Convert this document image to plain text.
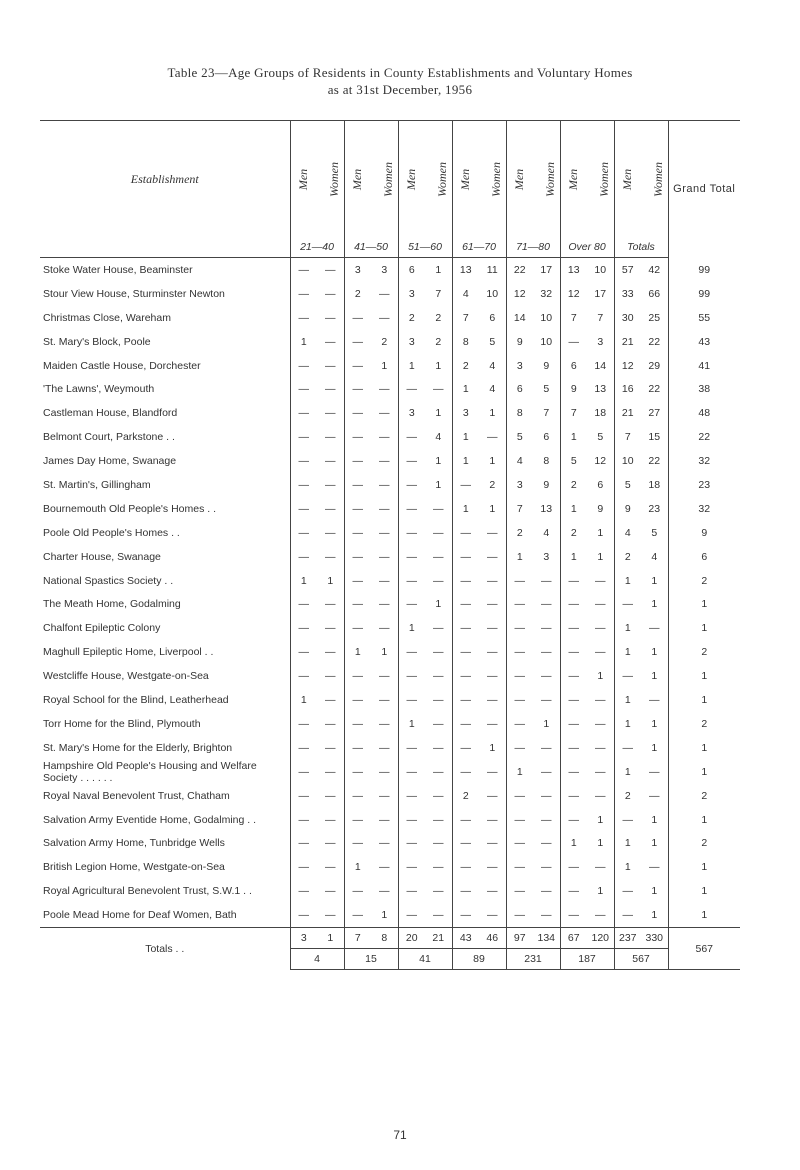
Table 23—Age Groups of Residents in County Establishments and Voluntary Homes
as at 31st December, 1956
Establishment	Men	Women	Men	Women	Men	Women	Men	Women	Men	Women	Men	Women	Men	Women	Grand Total
	21—40		41—50		51—60		61—70		71—80		Over 80		Totals		
Stoke Water House, Beaminster	—	—	3	3	6	1	13	11	22	17	13	10	57	42	99
Stour View House, Sturminster Newton	—	—	2	—	3	7	4	10	12	32	12	17	33	66	99
Christmas Close, Wareham	—	—	—	—	2	2	7	6	14	10	7	7	30	25	55
St. Mary's Block, Poole	1	—	—	2	3	2	8	5	9	10	—	3	21	22	43
Maiden Castle House, Dorchester	—	—	—	1	1	1	2	4	3	9	6	14	12	29	41
'The Lawns', Weymouth	—	—	—	—	—	—	1	4	6	5	9	13	16	22	38
Castleman House, Blandford	—	—	—	—	3	1	3	1	8	7	7	18	21	27	48
Belmont Court, Parkstone . .	—	—	—	—	—	4	1	—	5	6	1	5	7	15	22
James Day Home, Swanage	—	—	—	—	—	1	1	1	4	8	5	12	10	22	32
St. Martin's, Gillingham	—	—	—	—	—	1	—	2	3	9	2	6	5	18	23
Bournemouth Old People's Homes . .	—	—	—	—	—	—	1	1	7	13	1	9	9	23	32
Poole Old People's Homes . .	—	—	—	—	—	—	—	—	2	4	2	1	4	5	9
Charter House, Swanage	—	—	—	—	—	—	—	—	1	3	1	1	2	4	6
National Spastics Society . .	1	1	—	—	—	—	—	—	—	—	—	—	1	1	2
The Meath Home, Godalming	—	—	—	—	—	1	—	—	—	—	—	—	—	1	1
Chalfont Epileptic Colony	—	—	—	—	1	—	—	—	—	—	—	—	1	—	1
Maghull Epileptic Home, Liverpool . .	—	—	1	1	—	—	—	—	—	—	—	—	1	1	2
Westcliffe House, Westgate-on-Sea	—	—	—	—	—	—	—	—	—	—	—	1	—	1	1
Royal School for the Blind, Leatherhead	1	—	—	—	—	—	—	—	—	—	—	—	1	—	1
Torr Home for the Blind, Plymouth	—	—	—	—	1	—	—	—	—	1	—	—	1	1	2
St. Mary's Home for the Elderly, Brighton	—	—	—	—	—	—	—	1	—	—	—	—	—	1	1
Hampshire Old People's Housing and Welfare Society . . . . . .	—	—	—	—	—	—	—	—	1	—	—	—	1	—	1
Royal Naval Benevolent Trust, Chatham	—	—	—	—	—	—	2	—	—	—	—	—	2	—	2
Salvation Army Eventide Home, Godalming . .	—	—	—	—	—	—	—	—	—	—	—	1	—	1	1
Salvation Army Home, Tunbridge Wells	—	—	—	—	—	—	—	—	—	—	1	1	1	1	2
British Legion Home, Westgate-on-Sea	—	—	1	—	—	—	—	—	—	—	—	—	1	—	1
Royal Agricultural Benevolent Trust, S.W.1 . .	—	—	—	—	—	—	—	—	—	—	—	1	—	1	1
Poole Mead Home for Deaf Women, Bath	—	—	—	1	—	—	—	—	—	—	—	—	—	1	1
Totals . .	3	1	7	8	20	21	43	46	97	134	67	120	237	330	567
	4		15		41		89		231		187		567		
71
